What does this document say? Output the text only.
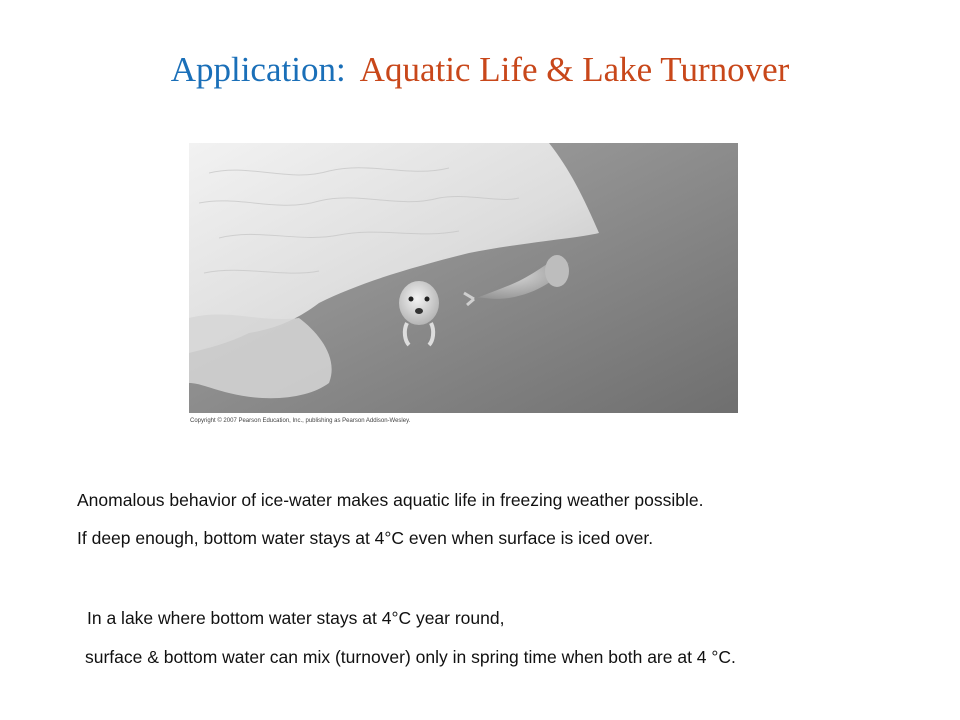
Application: Aquatic Life & Lake Turnover
Copyright © 2007 Pearson Education, Inc., publishing as Pearson Addison-Wesley.
Anomalous behavior of ice-water makes aquatic life in freezing weather possible.
If deep enough, bottom water stays at 4°C even when surface is iced over.
In a lake where bottom water stays at 4°C year round,
surface & bottom water can mix (turnover) only in spring time when both are at 4 °C.
